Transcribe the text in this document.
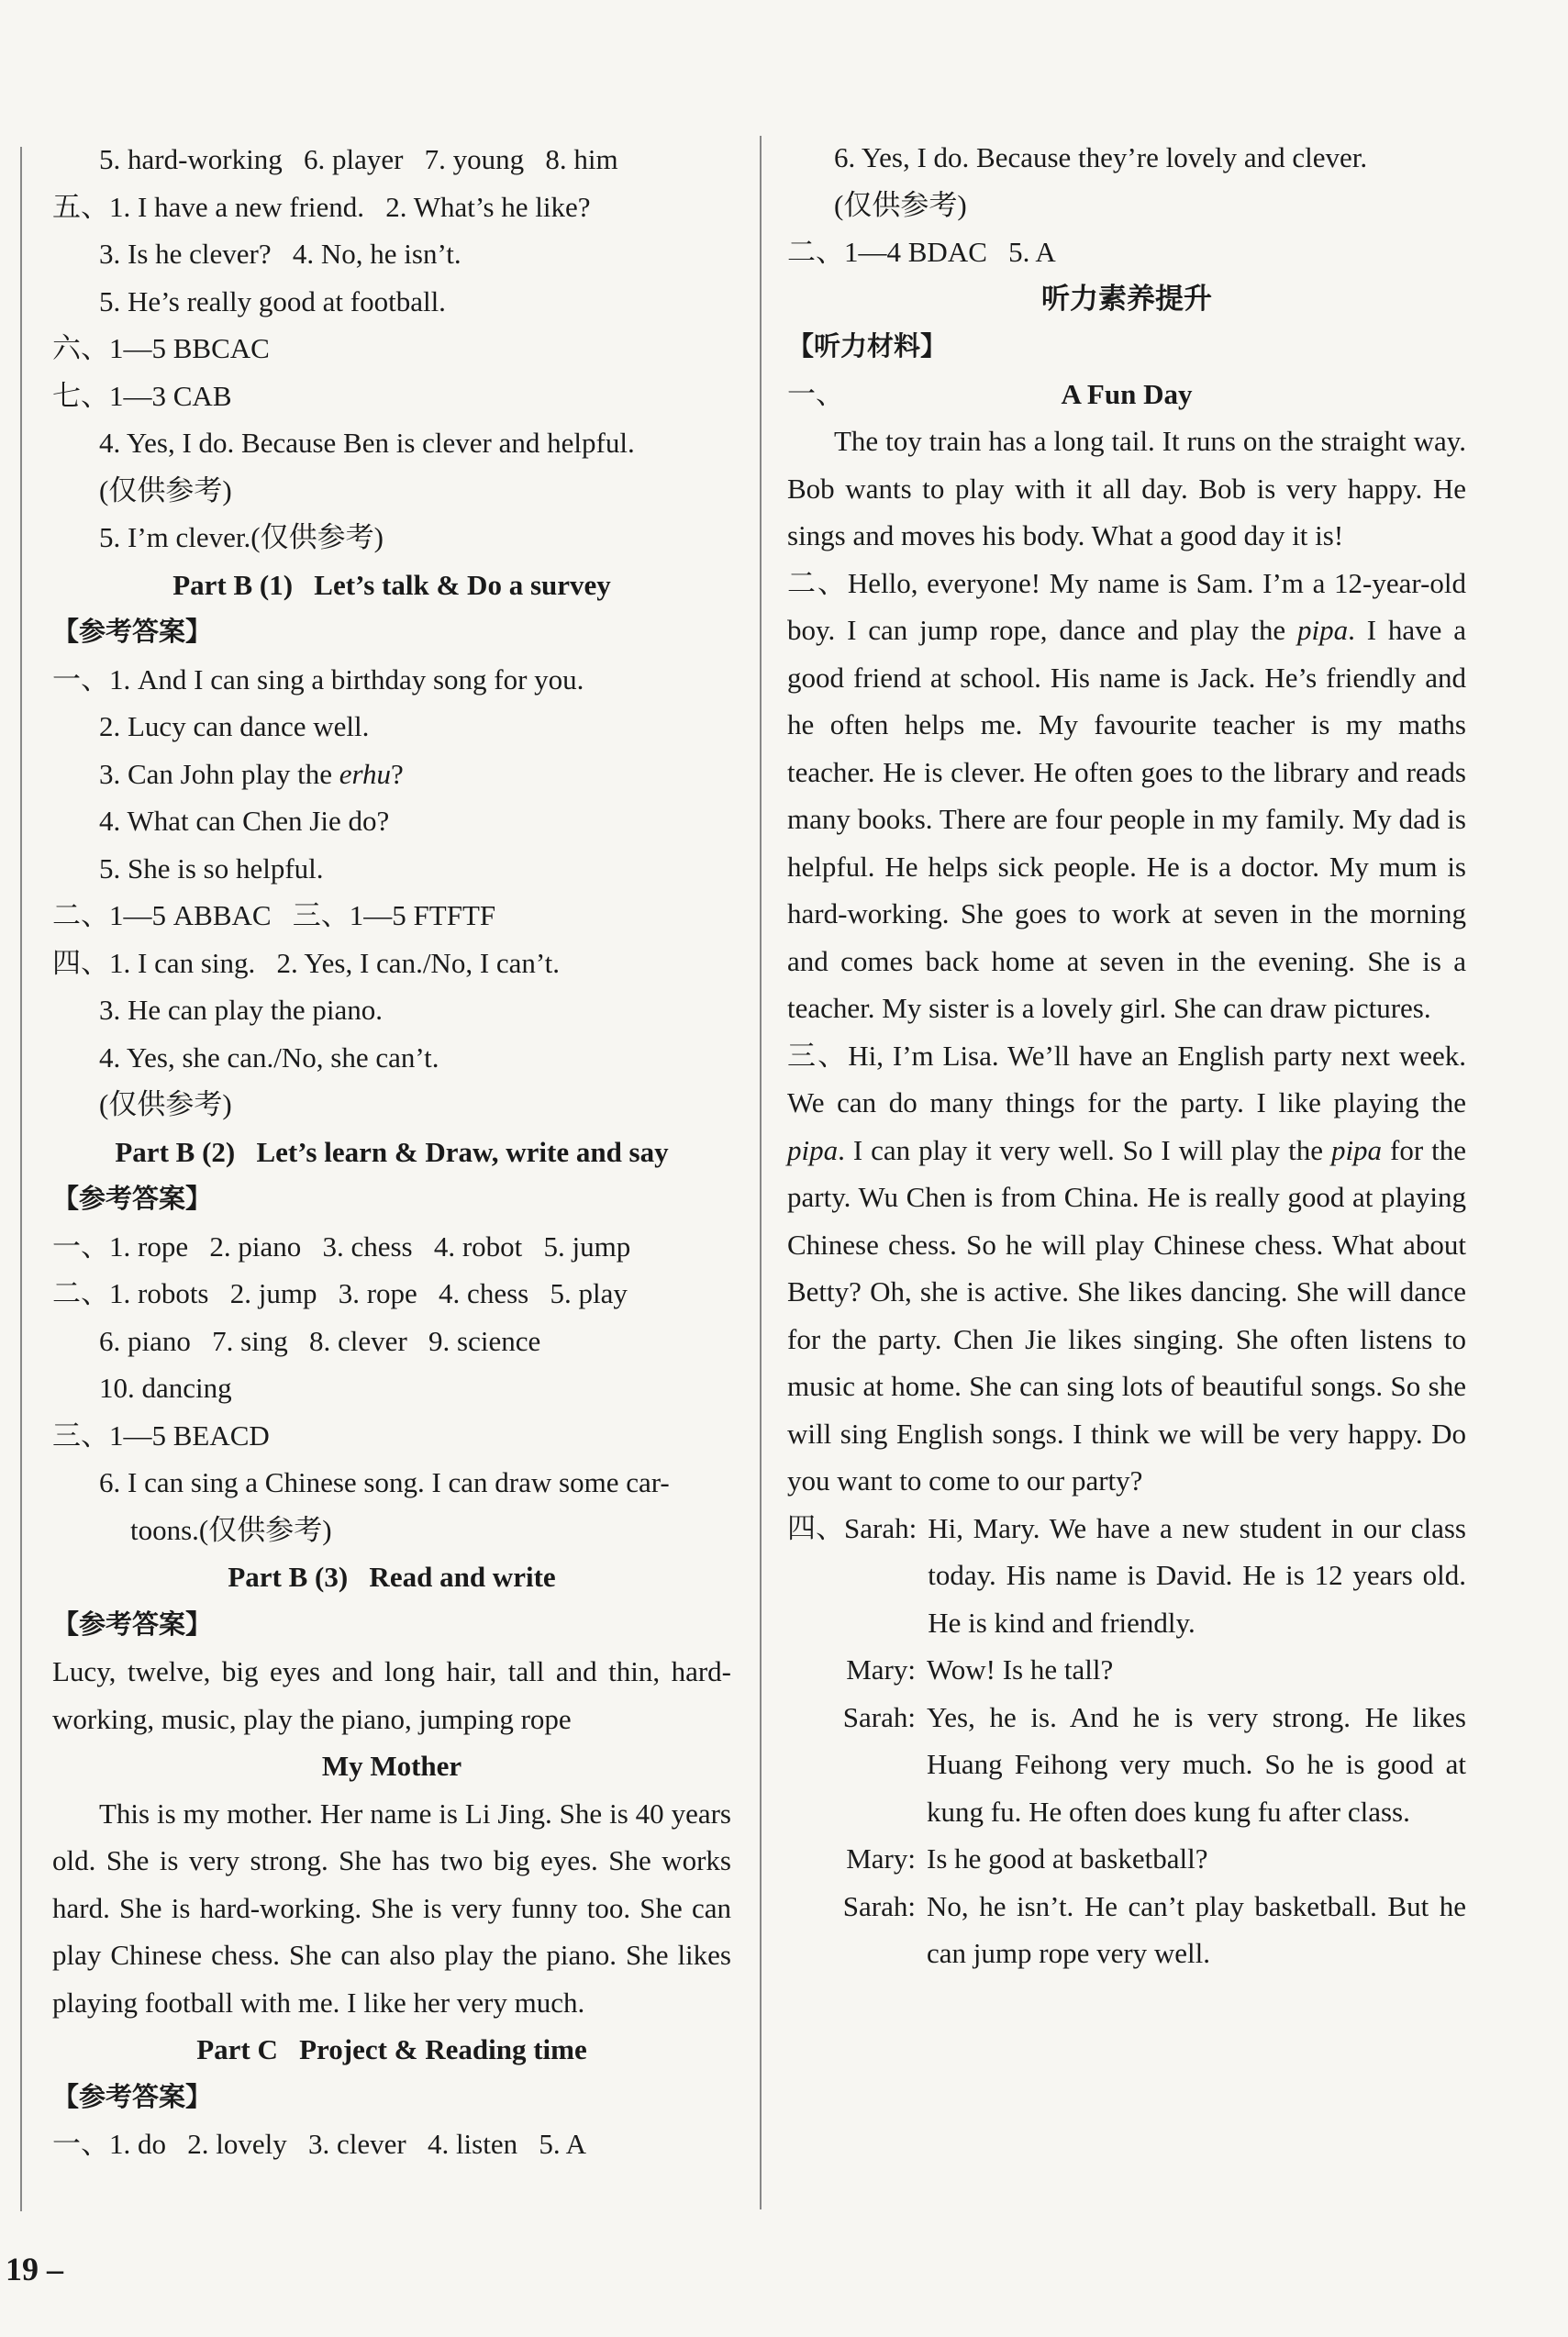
5. hard-working   6. player   7. young   8. him
五、1. I have a new friend.   2. What’s he like?
3. Is he clever?   4. No, he isn’t.
5. He’s really good at football.
六、1—5 BBCAC
七、1—3 CAB
4. Yes, I do. Because Ben is clever and helpful.
(仅供参考)
5. I’m clever.(仅供参考)
Part B (1)   Let’s talk & Do a survey
【参考答案】
一、1. And I can sing a birthday song for you.
2. Lucy can dance well.
3. Can John play the erhu?
4. What can Chen Jie do?
5. She is so helpful.
二、1—5 ABBAC   三、1—5 FTFTF
四、1. I can sing.   2. Yes, I can./No, I can’t.
3. He can play the piano.
4. Yes, she can./No, she can’t.
(仅供参考)
Part B (2)   Let’s learn & Draw, write and say
【参考答案】
一、1. rope   2. piano   3. chess   4. robot   5. jump
二、1. robots   2. jump   3. rope   4. chess   5. play
6. piano   7. sing   8. clever   9. science
10. dancing
三、1—5 BEACD
6. I can sing a Chinese song. I can draw some car-
toons.(仅供参考)
Part B (3)   Read and write
【参考答案】
Lucy, twelve, big eyes and long hair, tall and thin, hard-working, music, play the piano, jumping rope
My Mother
This is my mother. Her name is Li Jing. She is 40 years old. She is very strong. She has two big eyes. She works hard. She is hard-working. She is very funny too. She can play Chinese chess. She can also play the piano. She likes playing football with me. I like her very much.
Part C   Project & Reading time
【参考答案】
一、1. do   2. lovely   3. clever   4. listen   5. A
6. Yes, I do. Because they’re lovely and clever.
(仅供参考)
二、1—4 BDAC   5. A
听力素养提升
【听力材料】
一、	A Fun Day
The toy train has a long tail. It runs on the straight way. Bob wants to play with it all day. Bob is very happy. He sings and moves his body. What a good day it is!
二、Hello, everyone! My name is Sam. I’m a 12-year-old boy. I can jump rope, dance and play the pipa. I have a good friend at school. His name is Jack. He’s friendly and he often helps me. My favourite teacher is my maths teacher. He is clever. He often goes to the library and reads many books. There are four people in my family. My dad is helpful. He helps sick people. He is a doctor. My mum is hard-working. She goes to work at seven in the morning and comes back home at seven in the evening. She is a teacher. My sister is a lovely girl. She can draw pictures.
三、Hi, I’m Lisa. We’ll have an English party next week. We can do many things for the party. I like playing the pipa. I can play it very well. So I will play the pipa for the party. Wu Chen is from China. He is really good at playing Chinese chess. So he will play Chinese chess. What about Betty? Oh, she is active. She likes dancing. She will dance for the party. Chen Jie likes singing. She often listens to music at home. She can sing lots of beautiful songs. So she will sing English songs. I think we will be very happy. Do you want to come to our party?
四、 Sarah: Hi, Mary. We have a new student in our class today. His name is David. He is 12 years old. He is kind and friendly.
Mary: Wow! Is he tall?
Sarah: Yes, he is. And he is very strong. He likes Huang Feihong very much. So he is good at kung fu. He often does kung fu after class.
Mary: Is he good at basketball?
Sarah: No, he isn’t. He can’t play basketball. But he can jump rope very well.
19 –
